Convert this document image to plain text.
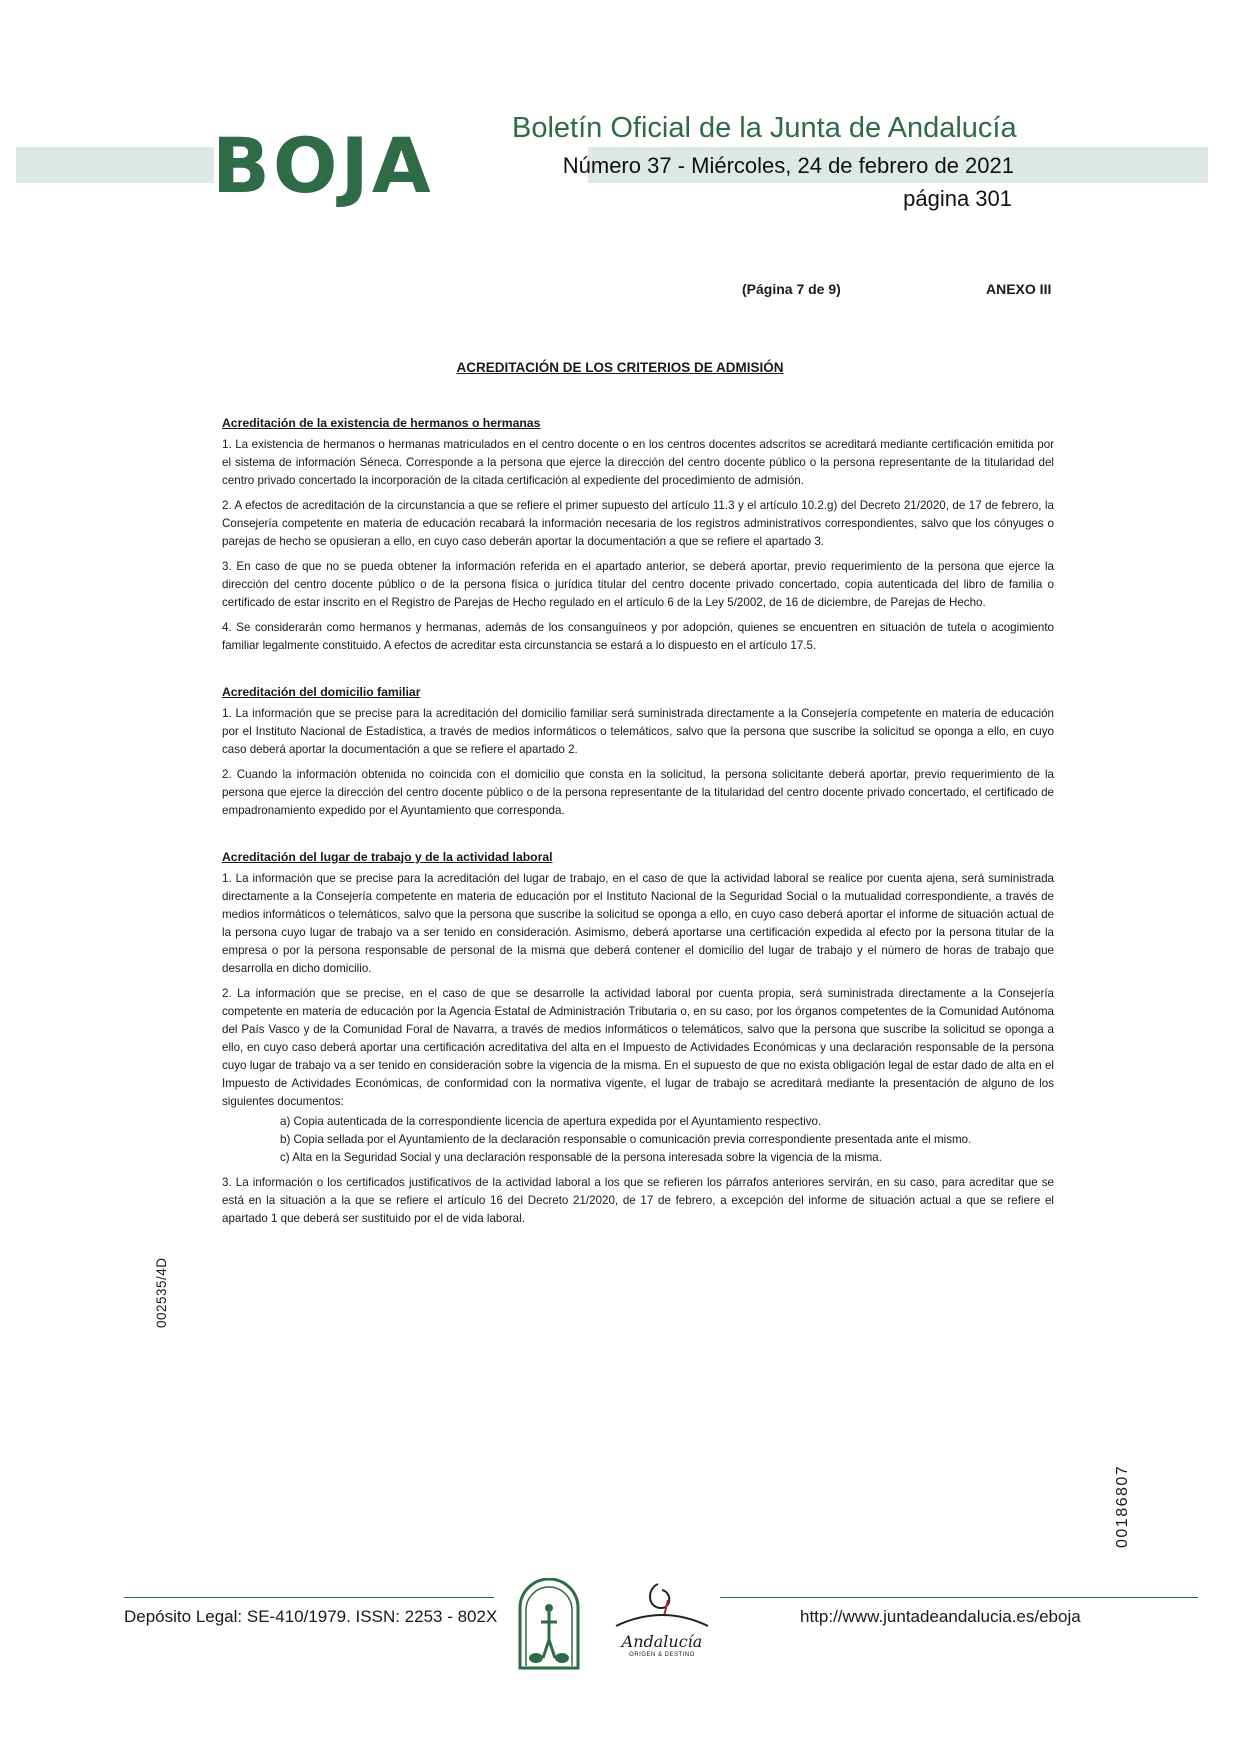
BOJA	Boletín Oficial de la Junta de Andalucía
Número 37 - Miércoles, 24 de febrero de 2021
página 301
(Página 7 de 9)	ANEXO III
ACREDITACIÓN DE LOS CRITERIOS DE ADMISIÓN
Acreditación de la existencia de hermanos o hermanas
1. La existencia de hermanos o hermanas matriculados en el centro docente o en los centros docentes adscritos se acreditará mediante certificación emitida por el sistema de información Séneca. Corresponde a la persona que ejerce la dirección del centro docente público o la persona representante de la titularidad del centro privado concertado la incorporación de la citada certificación al expediente del procedimiento de admisión.
2. A efectos de acreditación de la circunstancia a que se refiere el primer supuesto del artículo 11.3 y el artículo 10.2.g) del Decreto 21/2020, de 17 de febrero, la Consejería competente en materia de educación recabará la información necesaria de los registros administrativos correspondientes, salvo que los cónyuges o parejas de hecho se opusieran a ello, en cuyo caso deberán aportar la documentación a que se refiere el apartado 3.
3. En caso de que no se pueda obtener la información referida en el apartado anterior, se deberá aportar, previo requerimiento de la persona que ejerce la dirección del centro docente público o de la persona física o jurídica titular del centro docente privado concertado, copia autenticada del libro de familia o certificado de estar inscrito en el Registro de Parejas de Hecho regulado en el artículo 6 de la Ley 5/2002, de 16 de diciembre, de Parejas de Hecho.
4. Se considerarán como hermanos y hermanas, además de los consanguíneos y por adopción, quienes se encuentren en situación de tutela o acogimiento familiar legalmente constituido. A efectos de acreditar esta circunstancia se estará a lo dispuesto en el artículo 17.5.
Acreditación del domicilio familiar
1. La información que se precise para la acreditación del domicilio familiar será suministrada directamente a la Consejería competente en materia de educación por el Instituto Nacional de Estadística, a través de medios informáticos o telemáticos, salvo que la persona que suscribe la solicitud se oponga a ello, en cuyo caso deberá aportar la documentación a que se refiere el apartado 2.
2. Cuando la información obtenida no coincida con el domicilio que consta en la solicitud, la persona solicitante deberá aportar, previo requerimiento de la persona que ejerce la dirección del centro docente público o de la persona representante de la titularidad del centro docente privado concertado, el certificado de empadronamiento expedido por el Ayuntamiento que corresponda.
Acreditación del lugar de trabajo y de la actividad laboral
1. La información que se precise para la acreditación del lugar de trabajo, en el caso de que la actividad laboral se realice por cuenta ajena, será suministrada directamente a la Consejería competente en materia de educación por el Instituto Nacional de la Seguridad Social o la mutualidad correspondiente, a través de medios informáticos o telemáticos, salvo que la persona que suscribe la solicitud se oponga a ello, en cuyo caso deberá aportar el informe de situación actual de la persona cuyo lugar de trabajo va a ser tenido en consideración. Asimismo, deberá aportarse una certificación expedida al efecto por la persona titular de la empresa o por la persona responsable de personal de la misma que deberá contener el domicilio del lugar de trabajo y el número de horas de trabajo que desarrolla en dicho domicilio.
2. La información que se precise, en el caso de que se desarrolle la actividad laboral por cuenta propia, será suministrada directamente a la Consejería competente en materia de educación por la Agencia Estatal de Administración Tributaria o, en su caso, por los órganos competentes de la Comunidad Autónoma del País Vasco y de la Comunidad Foral de Navarra, a través de medios informáticos o telemáticos, salvo que la persona que suscribe la solicitud se oponga a ello, en cuyo caso deberá aportar una certificación acreditativa del alta en el Impuesto de Actividades Económicas y una declaración responsable de la persona cuyo lugar de trabajo va a ser tenido en consideración sobre la vigencia de la misma. En el supuesto de que no exista obligación legal de estar dado de alta en el Impuesto de Actividades Económicas, de conformidad con la normativa vigente, el lugar de trabajo se acreditará mediante la presentación de alguno de los siguientes documentos:
a) Copia autenticada de la correspondiente licencia de apertura expedida por el Ayuntamiento respectivo.
b) Copia sellada por el Ayuntamiento de la declaración responsable o comunicación previa correspondiente presentada ante el mismo.
c) Alta en la Seguridad Social y una declaración responsable de la persona interesada sobre la vigencia de la misma.
3. La información o los certificados justificativos de la actividad laboral a los que se refieren los párrafos anteriores servirán, en su caso, para acreditar que se está en la situación a la que se refiere el artículo 16 del Decreto 21/2020, de 17 de febrero, a excepción del informe de situación actual a que se refiere el apartado 1 que deberá ser sustituido por el de vida laboral.
002535/4D
00186807
Depósito Legal: SE-410/1979. ISSN: 2253 - 802X	http://www.juntadeandalucia.es/eboja
Andalucía
ORIGEN & DESTINO
